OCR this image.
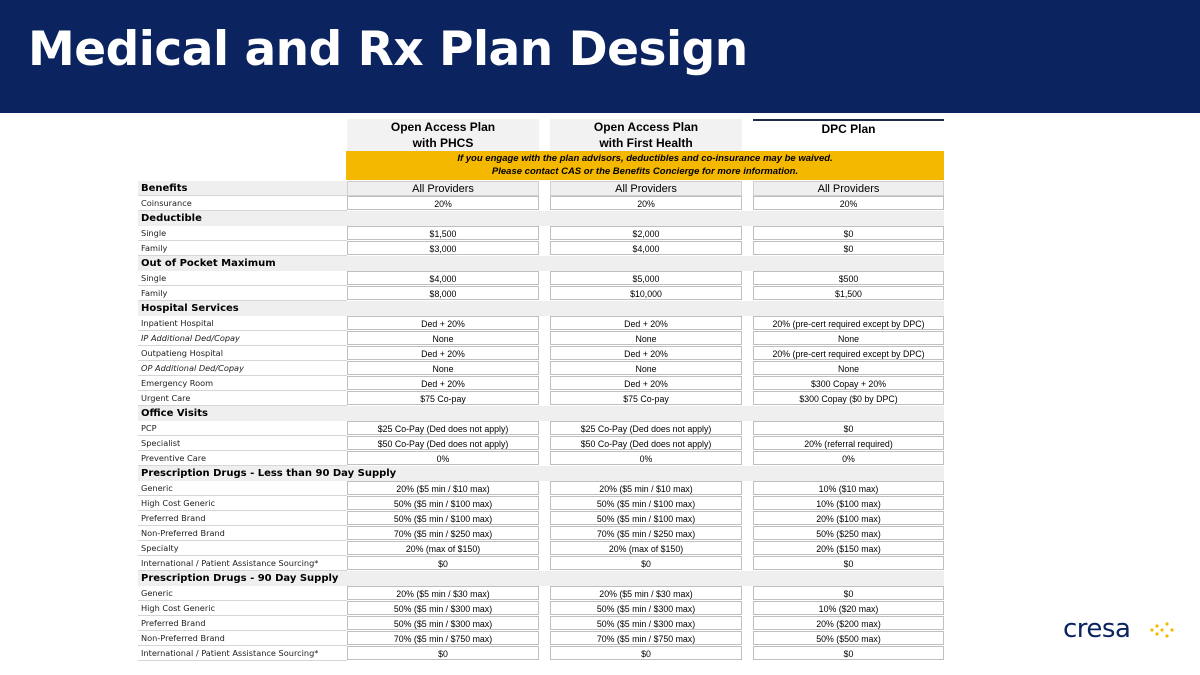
Medical and Rx Plan Design
Open Access Plan
with PHCS
Open Access Plan
with First Health
DPC Plan
If you engage with the plan advisors, deductibles and co-insurance may be waived.
Please contact CAS or the Benefits Concierge for more information.
Benefits	All Providers	All Providers	All Providers
Coinsurance	20%	20%	20%
Deductible
Single	$1,500	$2,000	$0
Family	$3,000	$4,000	$0
Out of Pocket Maximum
Single	$4,000	$5,000	$500
Family	$8,000	$10,000	$1,500
Hospital Services
Inpatient Hospital	Ded + 20%	Ded + 20%	20% (pre-cert required except by DPC)
IP Additional Ded/Copay	None	None	None
Outpatieng Hospital	Ded + 20%	Ded + 20%	20% (pre-cert required except by DPC)
OP Additional Ded/Copay	None	None	None
Emergency Room	Ded + 20%	Ded + 20%	$300 Copay + 20%
Urgent Care	$75 Co-pay	$75 Co-pay	$300 Copay ($0 by DPC)
Office Visits
PCP	$25 Co-Pay (Ded does not apply)	$25 Co-Pay (Ded does not apply)	$0
Specialist	$50 Co-Pay (Ded does not apply)	$50 Co-Pay (Ded does not apply)	20% (referral required)
Preventive Care	0%	0%	0%
Prescription Drugs - Less than 90 Day Supply
Generic	20% ($5 min / $10 max)	20% ($5 min / $10 max)	10% ($10 max)
High Cost Generic	50% ($5 min / $100 max)	50% ($5 min / $100 max)	10% ($100 max)
Preferred Brand	50% ($5 min / $100 max)	50% ($5 min / $100 max)	20% ($100 max)
Non-Preferred Brand	70% ($5 min / $250 max)	70% ($5 min / $250 max)	50% ($250 max)
Specialty	20% (max of $150)	20% (max of $150)	20% ($150 max)
International / Patient Assistance Sourcing*	$0	$0	$0
Prescription Drugs - 90 Day Supply
Generic	20% ($5 min / $30 max)	20% ($5 min / $30 max)	$0
High Cost Generic	50% ($5 min / $300 max)	50% ($5 min / $300 max)	10% ($20 max)
Preferred Brand	50% ($5 min / $300 max)	50% ($5 min / $300 max)	20% ($200 max)
Non-Preferred Brand	70% ($5 min / $750 max)	70% ($5 min / $750 max)	50% ($500 max)
International / Patient Assistance Sourcing*	$0	$0	$0
cresa
